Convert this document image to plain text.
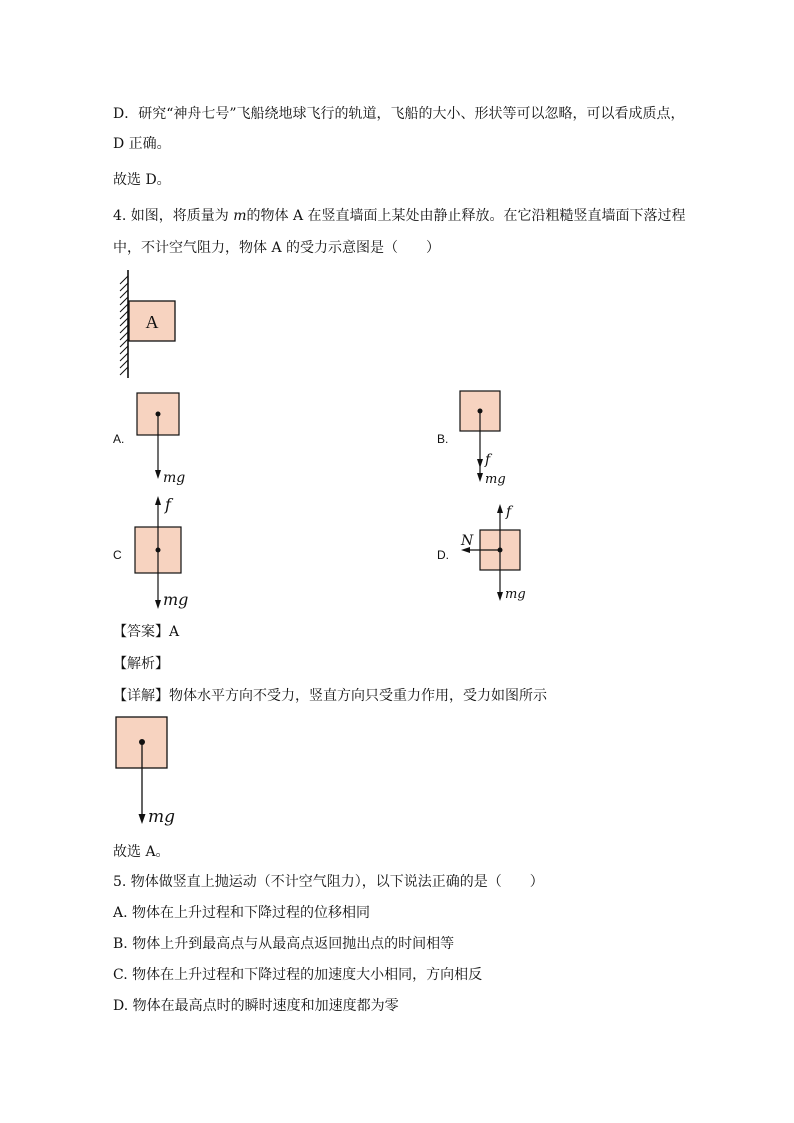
D．研究“神舟七号”飞船绕地球飞行的轨道，飞船的大小、形状等可以忽略，可以看成质点，
D 正确。
故选 D。
4. 如图，将质量为 m的物体 A 在竖直墙面上某处由静止释放。在它沿粗糙竖直墙面下落过程
中，不计空气阻力，物体 A 的受力示意图是（　　）
A
A.
mg
B.
f
mg
C
f
mg
D.
f
N
mg
【答案】A
【解析】
【详解】物体水平方向不受力，竖直方向只受重力作用，受力如图所示
mg
故选 A。
5. 物体做竖直上抛运动（不计空气阻力），以下说法正确的是（　　）
A. 物体在上升过程和下降过程的位移相同
B. 物体上升到最高点与从最高点返回抛出点的时间相等
C. 物体在上升过程和下降过程的加速度大小相同，方向相反
D. 物体在最高点时的瞬时速度和加速度都为零
